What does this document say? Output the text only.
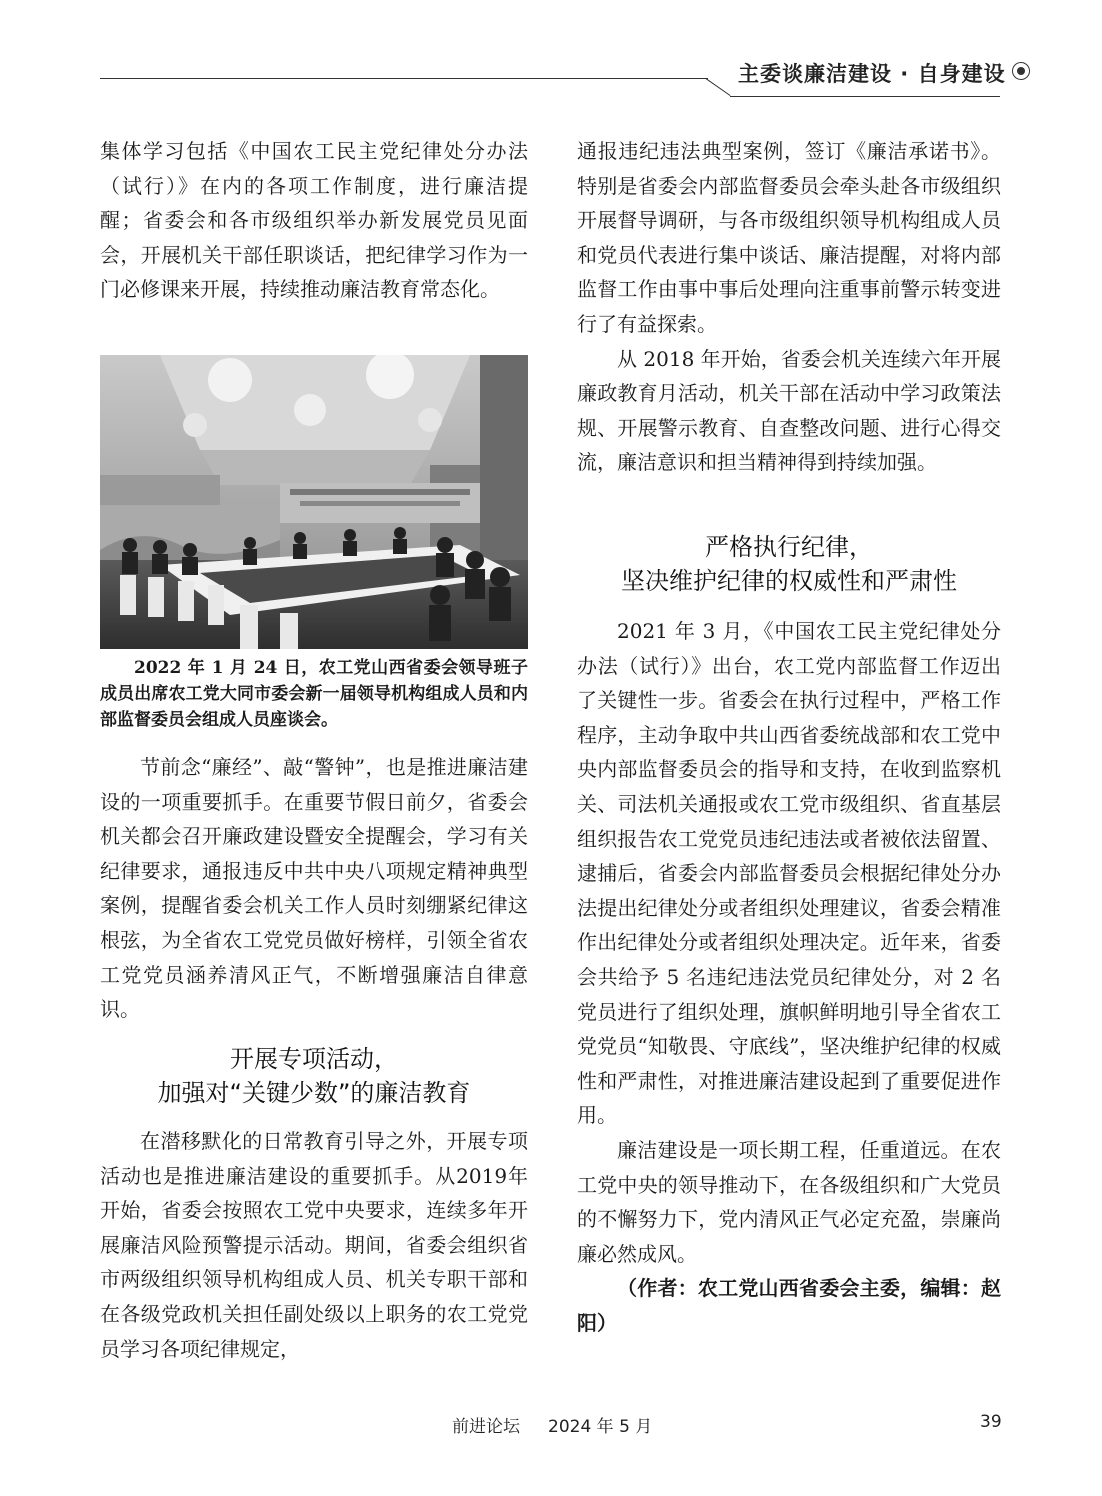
主委谈廉洁建设 · 自身建设

集体学习包括《中国农工民主党纪律处分办法（试行）》在内的各项工作制度，进行廉洁提醒；省委会和各市级组织举办新发展党员见面会，开展机关干部任职谈话，把纪律学习作为一门必修课来开展，持续推动廉洁教育常态化。

2022 年 1 月 24 日，农工党山西省委会领导班子成员出席农工党大同市委会新一届领导机构组成人员和内部监督委员会组成人员座谈会。

节前念“廉经”、敲“警钟”，也是推进廉洁建设的一项重要抓手。在重要节假日前夕，省委会机关都会召开廉政建设暨安全提醒会，学习有关纪律要求，通报违反中共中央八项规定精神典型案例，提醒省委会机关工作人员时刻绷紧纪律这根弦，为全省农工党党员做好榜样，引领全省农工党党员涵养清风正气，不断增强廉洁自律意识。

开展专项活动，
加强对“关键少数”的廉洁教育

在潜移默化的日常教育引导之外，开展专项活动也是推进廉洁建设的重要抓手。从2019年开始，省委会按照农工党中央要求，连续多年开展廉洁风险预警提示活动。期间，省委会组织省市两级组织领导机构组成人员、机关专职干部和在各级党政机关担任副处级以上职务的农工党党员学习各项纪律规定，

通报违纪违法典型案例，签订《廉洁承诺书》。特别是省委会内部监督委员会牵头赴各市级组织开展督导调研，与各市级组织领导机构组成人员和党员代表进行集中谈话、廉洁提醒，对将内部监督工作由事中事后处理向注重事前警示转变进行了有益探索。

从 2018 年开始，省委会机关连续六年开展廉政教育月活动，机关干部在活动中学习政策法规、开展警示教育、自查整改问题、进行心得交流，廉洁意识和担当精神得到持续加强。

严格执行纪律，
坚决维护纪律的权威性和严肃性

2021 年 3 月，《中国农工民主党纪律处分办法（试行）》出台，农工党内部监督工作迈出了关键性一步。省委会在执行过程中，严格工作程序，主动争取中共山西省委统战部和农工党中央内部监督委员会的指导和支持，在收到监察机关、司法机关通报或农工党市级组织、省直基层组织报告农工党党员违纪违法或者被依法留置、逮捕后，省委会内部监督委员会根据纪律处分办法提出纪律处分或者组织处理建议，省委会精准作出纪律处分或者组织处理决定。近年来，省委会共给予 5 名违纪违法党员纪律处分，对 2 名党员进行了组织处理，旗帜鲜明地引导全省农工党党员“知敬畏、守底线”，坚决维护纪律的权威性和严肃性，对推进廉洁建设起到了重要促进作用。

廉洁建设是一项长期工程，任重道远。在农工党中央的领导推动下，在各级组织和广大党员的不懈努力下，党内清风正气必定充盈，崇廉尚廉必然成风。

（作者：农工党山西省委会主委，编辑：赵阳）

前进论坛 2024 年 5 月	39
